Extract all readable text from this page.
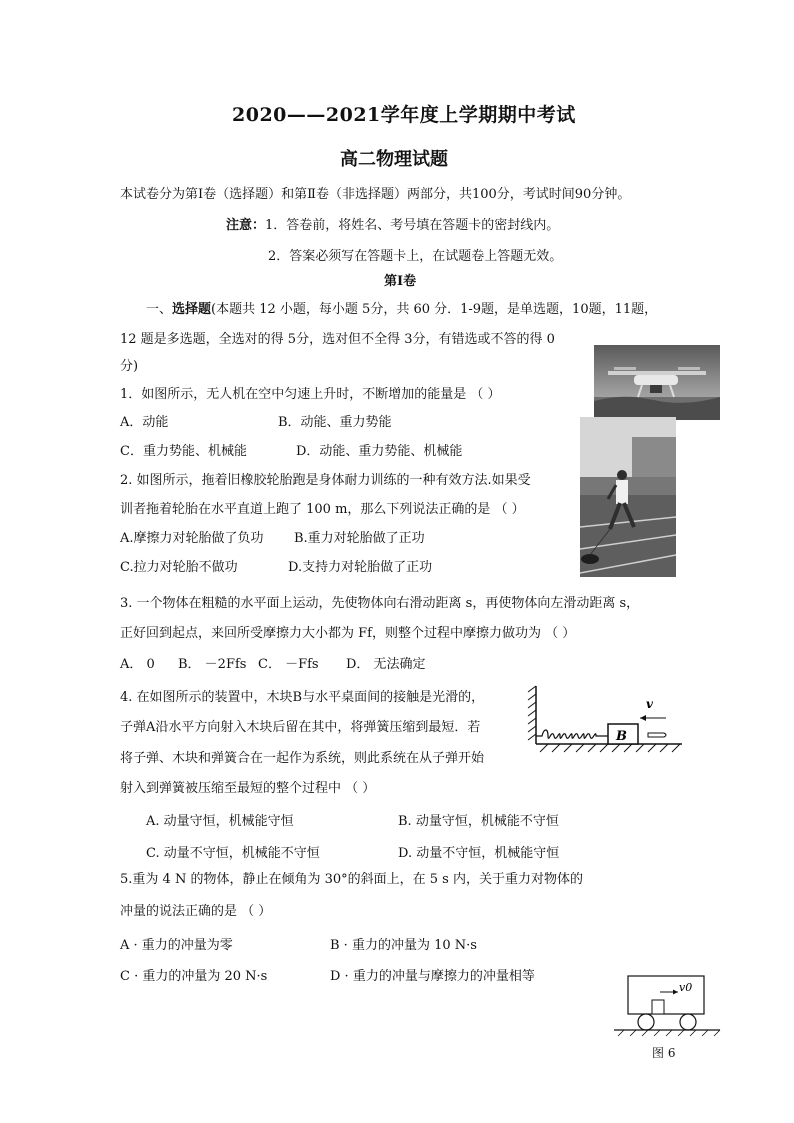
2020——2021学年度上学期期中考试
高二物理试题
本试卷分为第Ⅰ卷（选择题）和第Ⅱ卷（非选择题）两部分，共100分，考试时间90分钟。
注意：1．答卷前，将姓名、考号填在答题卡的密封线内。
2．答案必须写在答题卡上，在试题卷上答题无效。
第Ⅰ卷
一、选择题(本题共 12 小题，每小题 5分，共 60 分．1-9题，是单选题，10题，11题，
12 题是多选题，全选对的得 5分，选对但不全得 3分，有错选或不答的得 0
分)
1．如图所示，无人机在空中匀速上升时，不断增加的能量是 （ ）
A．动能	B．动能、重力势能
C．重力势能、机械能	D．动能、重力势能、机械能
2. 如图所示，拖着旧橡胶轮胎跑是身体耐力训练的一种有效方法.如果受
训者拖着轮胎在水平直道上跑了 100 m，那么下列说法正确的是 （ ）
A.摩擦力对轮胎做了负功 B.重力对轮胎做了正功
C.拉力对轮胎不做功	D.支持力对轮胎做了正功
3. 一个物体在粗糙的水平面上运动，先使物体向右滑动距离 s，再使物体向左滑动距离 s，
正好回到起点，来回所受摩擦力大小都为 Ff，则整个过程中摩擦力做功为 （ ）
A． 0 B． －2Ffs C． －Ffs D． 无法确定
B
v
4. 在如图所示的装置中，木块B与水平桌面间的接触是光滑的，
子弹A沿水平方向射入木块后留在其中，将弹簧压缩到最短．若
将子弹、木块和弹簧合在一起作为系统，则此系统在从子弹开始
射入到弹簧被压缩至最短的整个过程中 （ ）
A. 动量守恒，机械能守恒	B. 动量守恒，机械能不守恒
C. 动量不守恒，机械能不守恒	D. 动量不守恒，机械能守恒
5.重为 4 N 的物体，静止在倾角为 30°的斜面上，在 5 s 内，关于重力对物体的
冲量的说法正确的是 （ ）
A · 重力的冲量为零	B · 重力的冲量为 10 N·s
C · 重力的冲量为 20 N·s	D · 重力的冲量与摩擦力的冲量相等
v0
图 6
